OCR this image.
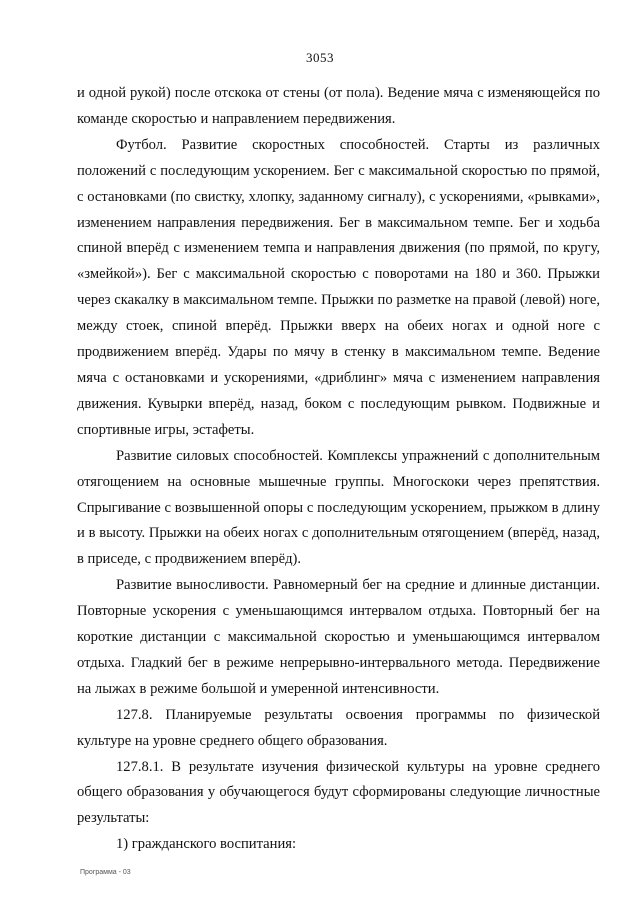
3053

и одной рукой) после отскока от стены (от пола). Ведение мяча с изменяющейся по команде скоростью и направлением передвижения.

Футбол. Развитие скоростных способностей. Старты из различных положений с последующим ускорением. Бег с максимальной скоростью по прямой, с остановками (по свистку, хлопку, заданному сигналу), с ускорениями, «рывками», изменением направления передвижения. Бег в максимальном темпе. Бег и ходьба спиной вперёд с изменением темпа и направления движения (по прямой, по кругу, «змейкой»). Бег с максимальной скоростью с поворотами на 180 и 360. Прыжки через скакалку в максимальном темпе. Прыжки по разметке на правой (левой) ноге, между стоек, спиной вперёд. Прыжки вверх на обеих ногах и одной ноге с продвижением вперёд. Удары по мячу в стенку в максимальном темпе. Ведение мяча с остановками и ускорениями, «дриблинг» мяча с изменением направления движения. Кувырки вперёд, назад, боком с последующим рывком. Подвижные и спортивные игры, эстафеты.

Развитие силовых способностей. Комплексы упражнений с дополнительным отягощением на основные мышечные группы. Многоскоки через препятствия. Спрыгивание с возвышенной опоры с последующим ускорением, прыжком в длину и в высоту. Прыжки на обеих ногах с дополнительным отягощением (вперёд, назад, в приседе, с продвижением вперёд).

Развитие выносливости. Равномерный бег на средние и длинные дистанции. Повторные ускорения с уменьшающимся интервалом отдыха. Повторный бег на короткие дистанции с максимальной скоростью и уменьшающимся интервалом отдыха. Гладкий бег в режиме непрерывно-интервального метода. Передвижение на лыжах в режиме большой и умеренной интенсивности.

127.8. Планируемые результаты освоения программы по физической культуре на уровне среднего общего образования.

127.8.1. В результате изучения физической культуры на уровне среднего общего образования у обучающегося будут сформированы следующие личностные результаты:

1) гражданского воспитания:

Программа - 03
